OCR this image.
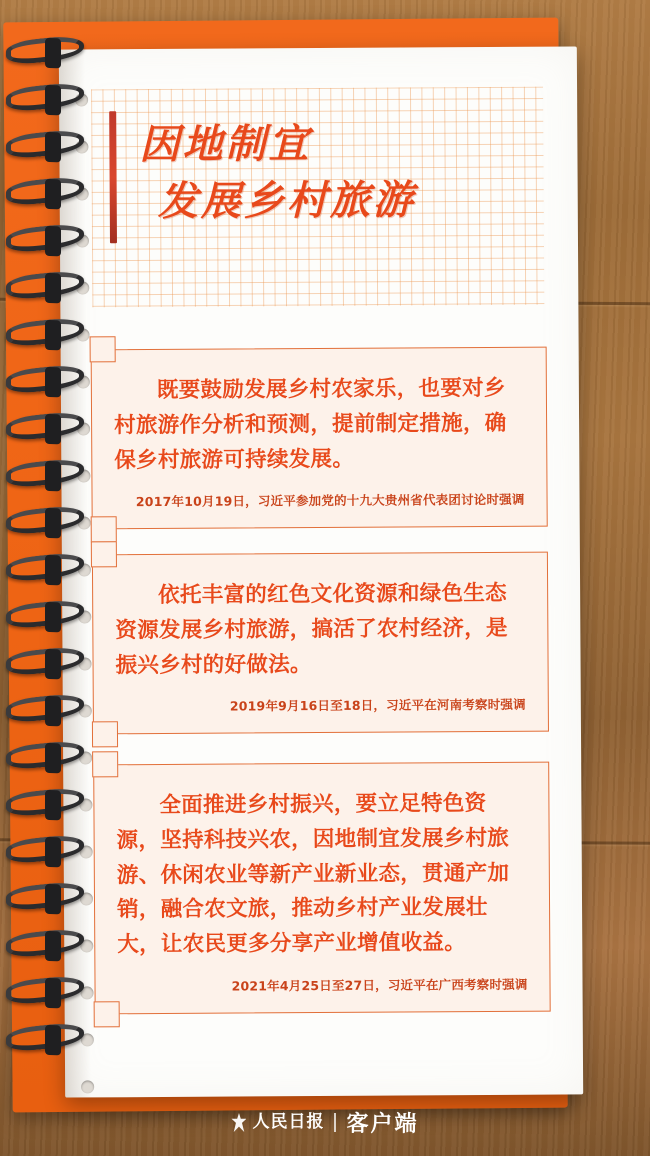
因地制宜
发展乡村旅游
既要鼓励发展乡村农家乐，也要对乡村旅游作分析和预测，提前制定措施，确保乡村旅游可持续发展。
2017年10月19日，习近平参加党的十九大贵州省代表团讨论时强调
依托丰富的红色文化资源和绿色生态资源发展乡村旅游，搞活了农村经济，是振兴乡村的好做法。
2019年9月16日至18日，习近平在河南考察时强调
全面推进乡村振兴，要立足特色资源，坚持科技兴农，因地制宜发展乡村旅游、休闲农业等新产业新业态，贯通产加销，融合农文旅，推动乡村产业发展壮大，让农民更多分享产业增值收益。
2021年4月25日至27日，习近平在广西考察时强调
人民日报 客户端
